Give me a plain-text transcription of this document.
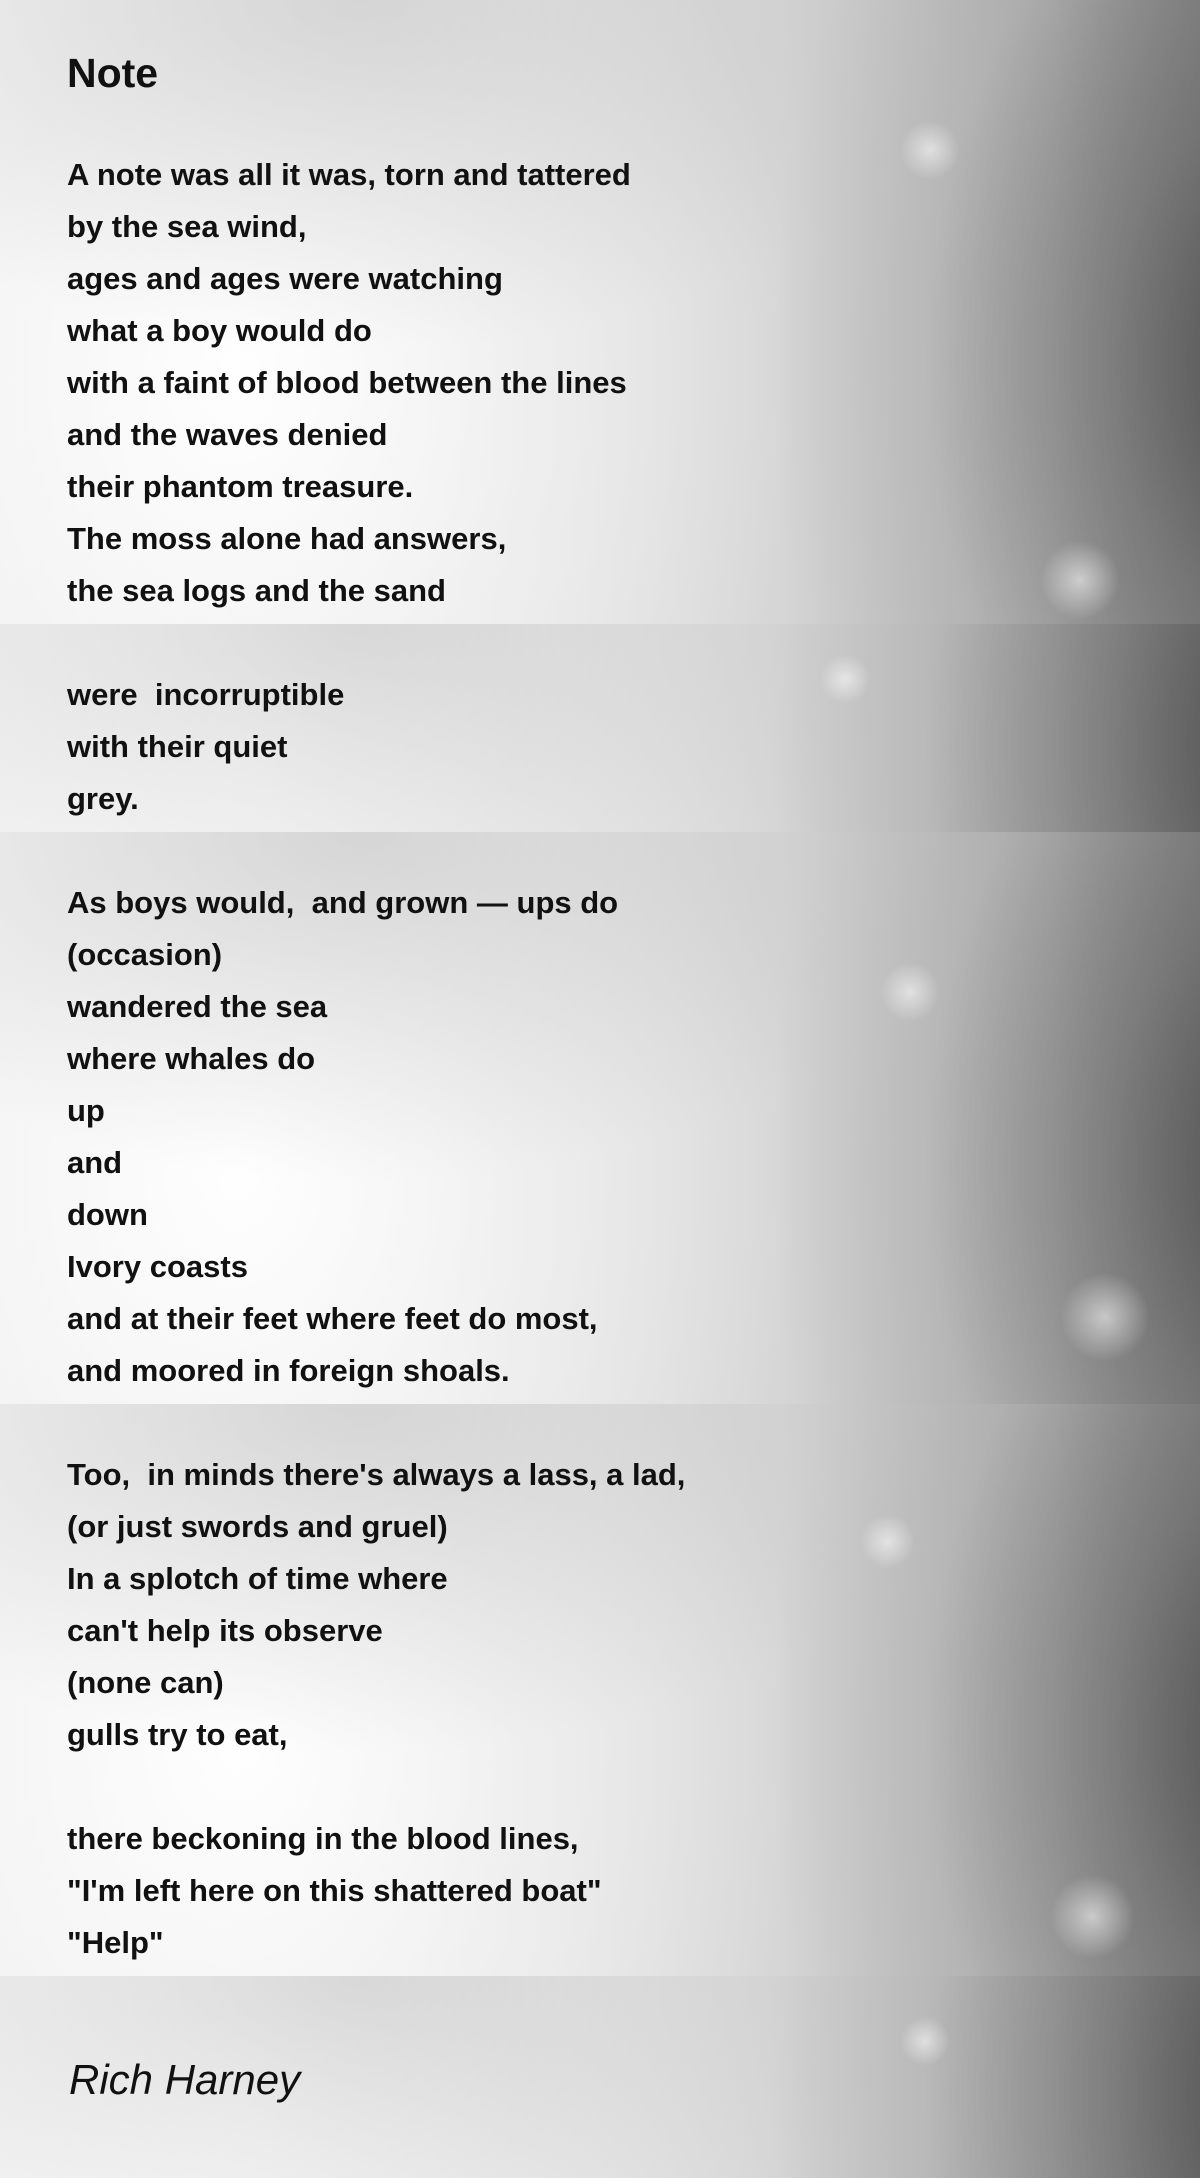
Note
A note was all it was, torn and tattered
by the sea wind,
ages and ages were watching
what a boy would do
with a faint of blood between the lines
and the waves denied
their phantom treasure.
The moss alone had answers,
the sea logs and the sand
were  incorruptible
with their quiet
grey.
As boys would,  and grown — ups do
(occasion)
wandered the sea
where whales do
up
and
down
Ivory coasts
and at their feet where feet do most,
and moored in foreign shoals.
Too,  in minds there's always a lass, a lad,
(or just swords and gruel)
In a splotch of time where
can't help its observe
(none can)
gulls try to eat,
there beckoning in the blood lines,
"I'm left here on this shattered boat"
"Help"

Rich Harney
